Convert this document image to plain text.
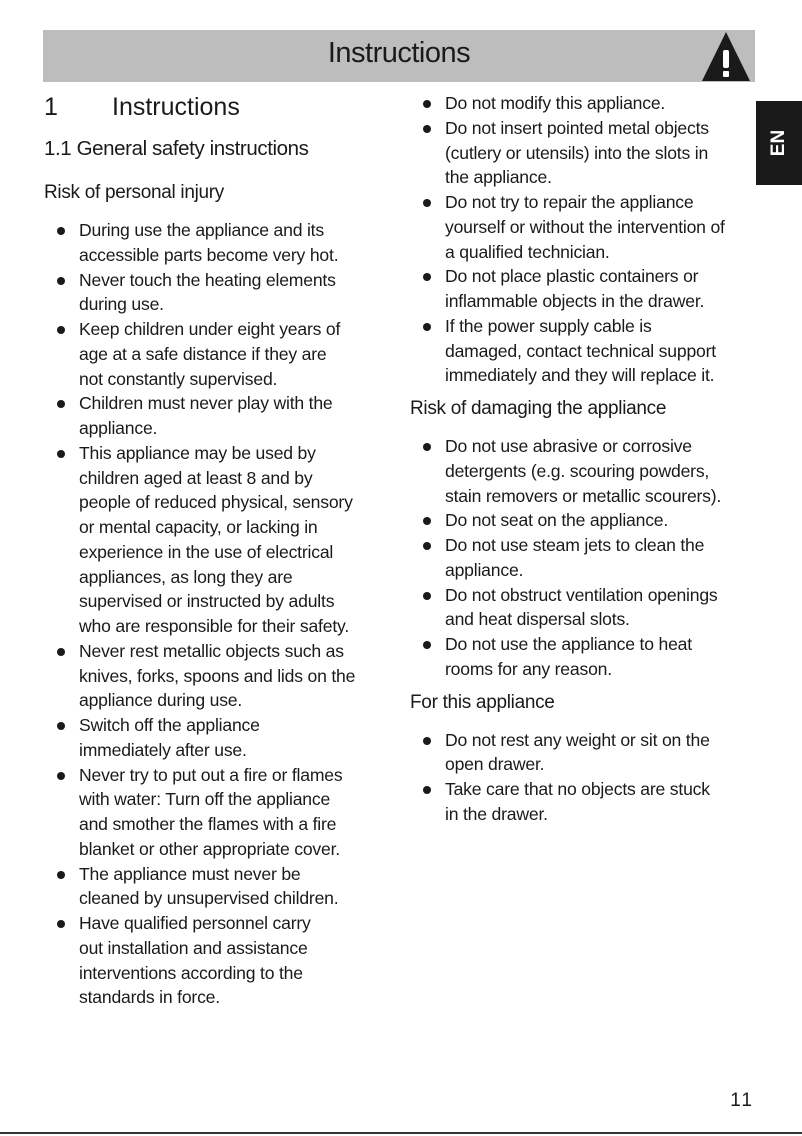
Instructions
EN
1 Instructions
1.1 General safety instructions
Risk of personal injury
During use the appliance and its
accessible parts become very hot.
Never touch the heating elements
during use.
Keep children under eight years of
age at a safe distance if they are
not constantly supervised.
Children must never play with the
appliance.
This appliance may be used by
children aged at least 8 and by
people of reduced physical, sensory
or mental capacity, or lacking in
experience in the use of electrical
appliances, as long they are
supervised or instructed by adults
who are responsible for their safety.
Never rest metallic objects such as
knives, forks, spoons and lids on the
appliance during use.
Switch off the appliance
immediately after use.
Never try to put out a fire or flames
with water: Turn off the appliance
and smother the flames with a fire
blanket or other appropriate cover.
The appliance must never be
cleaned by unsupervised children.
Have qualified personnel carry
out installation and assistance
interventions according to the
standards in force.
Do not modify this appliance.
Do not insert pointed metal objects
(cutlery or utensils) into the slots in
the appliance.
Do not try to repair the appliance
yourself or without the intervention of
a qualified technician.
Do not place plastic containers or
inflammable objects in the drawer.
If the power supply cable is
damaged, contact technical support
immediately and they will replace it.
Risk of damaging the appliance
Do not use abrasive or corrosive
detergents (e.g. scouring powders,
stain removers or metallic scourers).
Do not seat on the appliance.
Do not use steam jets to clean the
appliance.
Do not obstruct ventilation openings
and heat dispersal slots.
Do not use the appliance to heat
rooms for any reason.
For this appliance
Do not rest any weight or sit on the
open drawer.
Take care that no objects are stuck
in the drawer.
11
